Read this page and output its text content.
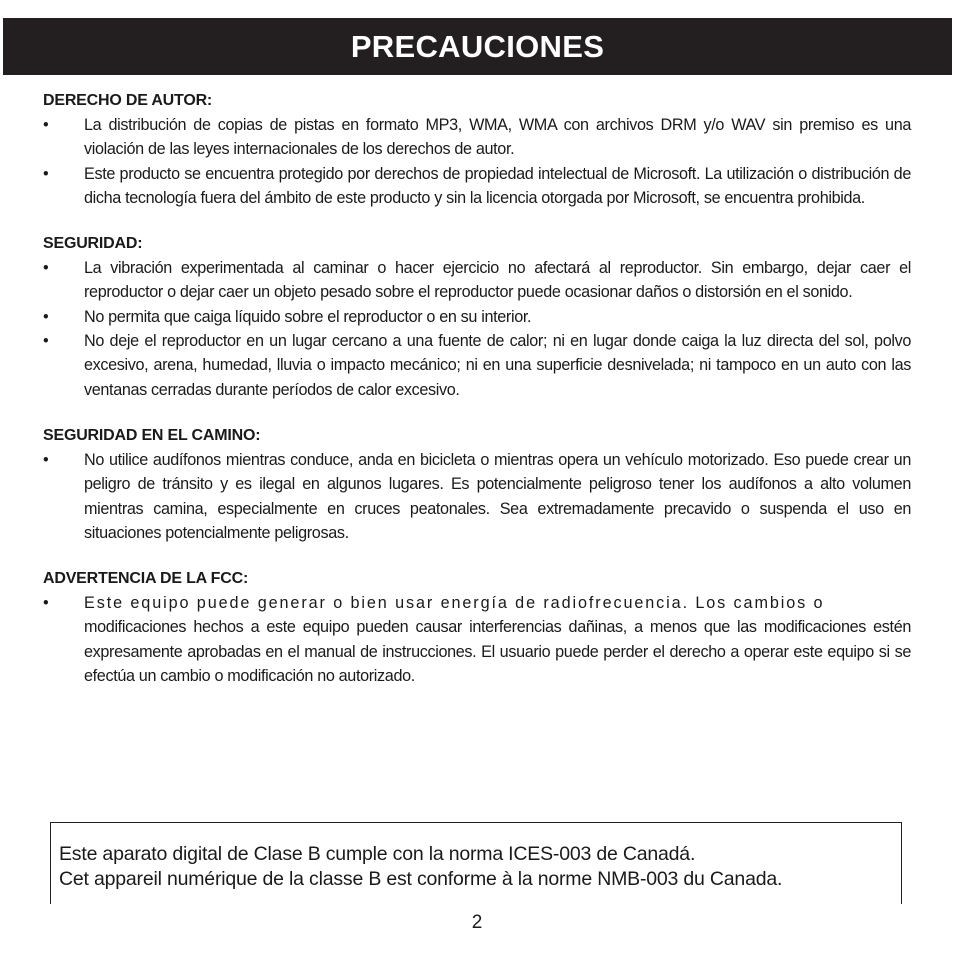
PRECAUCIONES
DERECHO DE AUTOR:
•	La distribución de copias de pistas en formato MP3, WMA, WMA con archivos DRM y/o WAV sin premiso es una violación de las leyes internacionales de los derechos de autor.
•	Este producto se encuentra protegido por derechos de propiedad intelectual de Microsoft. La utilización o distribución de dicha tecnología fuera del ámbito de este producto y sin la licencia otorgada por Microsoft, se encuentra prohibida.
SEGURIDAD:
•	La vibración experimentada al caminar o hacer ejercicio no afectará al reproductor. Sin embargo, dejar caer el reproductor o dejar caer un objeto pesado sobre el reproductor puede ocasionar daños o distorsión en el sonido.
•	No permita que caiga líquido sobre el reproductor o en su interior.
•	No deje el reproductor en un lugar cercano a una fuente de calor; ni en lugar donde caiga la luz directa del sol, polvo excesivo, arena, humedad, lluvia o impacto mecánico; ni en una superficie desnivelada; ni tampoco en un auto con las ventanas cerradas durante períodos de calor excesivo.
SEGURIDAD EN EL CAMINO:
•	No utilice audífonos mientras conduce, anda en bicicleta o mientras opera un vehículo motorizado. Eso puede crear un peligro de tránsito y es ilegal en algunos lugares. Es potencialmente peligroso tener los audífonos a alto volumen mientras camina, especialmente en cruces peatonales. Sea extremadamente precavido o suspenda el uso en situaciones potencialmente peligrosas.
ADVERTENCIA DE LA FCC:
• Este equipo puede generar o bien usar energía de radiofrecuencia. Los cambios o
modificaciones hechos a este equipo pueden causar interferencias dañinas, a menos que las modificaciones estén expresamente aprobadas en el manual de instrucciones. El usuario puede perder el derecho a operar este equipo si se efectúa un cambio o modificación no autorizado.
Este aparato digital de Clase B cumple con la norma ICES-003 de Canadá.
Cet appareil numérique de la classe B est conforme à la norme NMB-003 du Canada.
2
